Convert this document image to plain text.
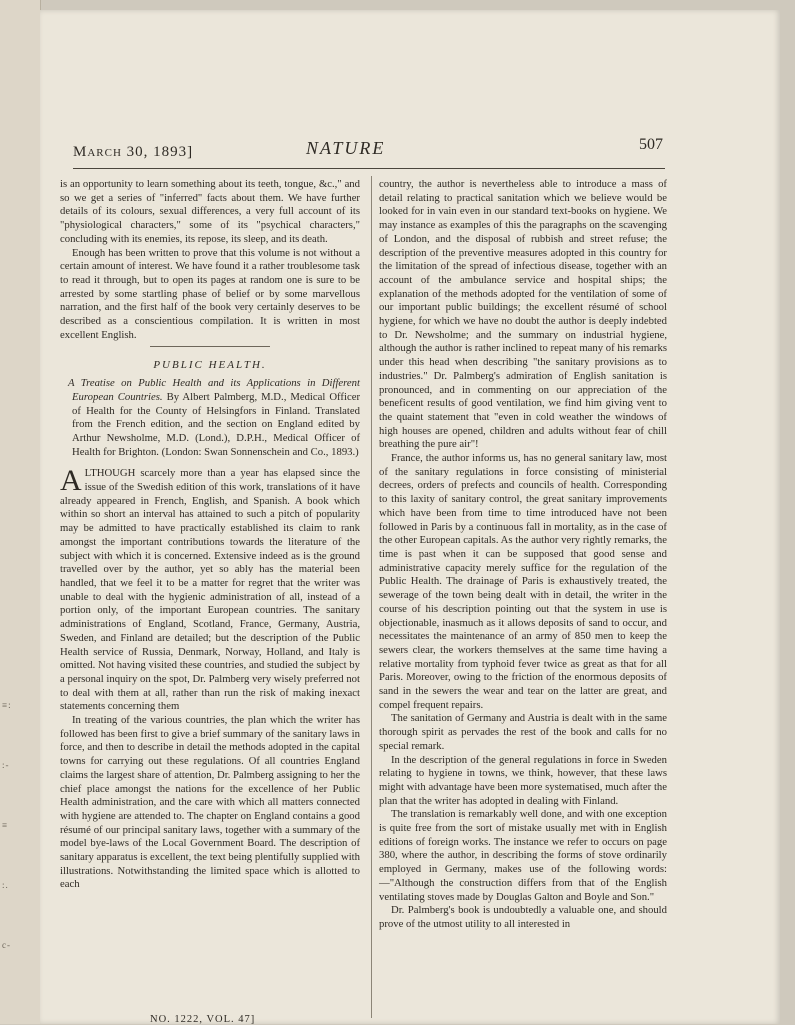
≡:
:-
≡
:.
c-
March 30, 1893]	NATURE	507

is an opportunity to learn something about its teeth, tongue, &c.," and so we get a series of "inferred" facts about them. We have further details of its colours, sexual differences, a very full account of its "physiological characters," some of its "psychical characters," concluding with its enemies, its repose, its sleep, and its death.

Enough has been written to prove that this volume is not without a certain amount of interest. We have found it a rather troublesome task to read it through, but to open its pages at random one is sure to be arrested by some startling phase of belief or by some marvellous narration, and the first half of the book very certainly deserves to be described as a conscientious compilation. It is written in most excellent English.

PUBLIC HEALTH.
A Treatise on Public Health and its Applications in Different European Countries. By Albert Palmberg, M.D., Medical Officer of Health for the County of Helsingfors in Finland. Translated from the French edition, and the section on England edited by Arthur Newsholme, M.D. (Lond.), D.P.H., Medical Officer of Health for Brighton. (London: Swan Sonnenschein and Co., 1893.)

ALTHOUGH scarcely more than a year has elapsed since the issue of the Swedish edition of this work, translations of it have already appeared in French, English, and Spanish. A book which within so short an interval has attained to such a pitch of popularity may be admitted to have practically established its claim to rank amongst the important contributions towards the literature of the subject with which it is concerned. Extensive indeed as is the ground travelled over by the author, yet so ably has the material been handled, that we feel it to be a matter for regret that the writer was unable to deal with the hygienic administration of all, instead of a portion only, of the important European countries. The sanitary administrations of England, Scotland, France, Germany, Austria, Sweden, and Finland are detailed; but the description of the Public Health service of Russia, Denmark, Norway, Holland, and Italy is omitted. Not having visited these countries, and studied the subject by a personal inquiry on the spot, Dr. Palmberg very wisely preferred not to deal with them at all, rather than run the risk of making inexact statements concerning them

In treating of the various countries, the plan which the writer has followed has been first to give a brief summary of the sanitary laws in force, and then to describe in detail the methods adopted in the capital towns for carrying out these regulations. Of all countries England claims the largest share of attention, Dr. Palmberg assigning to her the chief place amongst the nations for the excellence of her Public Health administration, and the care with which all matters connected with hygiene are attended to. The chapter on England contains a good résumé of our principal sanitary laws, together with a summary of the model bye-laws of the Local Government Board. The description of sanitary apparatus is excellent, the text being plentifully supplied with illustrations. Notwithstanding the limited space which is allotted to each

country, the author is nevertheless able to introduce a mass of detail relating to practical sanitation which we believe would be looked for in vain even in our standard text-books on hygiene. We may instance as examples of this the paragraphs on the scavenging of London, and the disposal of rubbish and street refuse; the description of the preventive measures adopted in this country for the limitation of the spread of infectious disease, together with an account of the ambulance service and hospital ships; the explanation of the methods adopted for the ventilation of some of our important public buildings; the excellent résumé of school hygiene, for which we have no doubt the author is deeply indebted to Dr. Newsholme; and the summary on industrial hygiene, although the author is rather inclined to repeat many of his remarks under this head when describing "the sanitary provisions as to industries." Dr. Palmberg's admiration of English sanitation is pronounced, and in commenting on our appreciation of the beneficent results of good ventilation, we find him giving vent to the quaint statement that "even in cold weather the windows of high houses are opened, children and adults without fear of chill breathing the pure air"!

France, the author informs us, has no general sanitary law, most of the sanitary regulations in force consisting of ministerial decrees, orders of prefects and councils of health. Corresponding to this laxity of sanitary control, the great sanitary improvements which have been from time to time introduced have not been followed in Paris by a continuous fall in mortality, as in the case of the other European capitals. As the author very rightly remarks, the time is past when it can be supposed that good sense and administrative capacity merely suffice for the regulation of the Public Health. The drainage of Paris is exhaustively treated, the sewerage of the town being dealt with in detail, the writer in the course of his description pointing out that the system in use is objectionable, inasmuch as it allows deposits of sand to occur, and necessitates the maintenance of an army of 850 men to keep the sewers clear, the workers themselves at the same time having a relative mortality from typhoid fever twice as great as that for all Paris. Moreover, owing to the friction of the enormous deposits of sand in the sewers the wear and tear on the latter are great, and compel frequent repairs.

The sanitation of Germany and Austria is dealt with in the same thorough spirit as pervades the rest of the book and calls for no special remark.

In the description of the general regulations in force in Sweden relating to hygiene in towns, we think, however, that these laws might with advantage have been more systematised, much after the plan that the writer has adopted in dealing with Finland.

The translation is remarkably well done, and with one exception is quite free from the sort of mistake usually met with in English editions of foreign works. The instance we refer to occurs on page 380, where the author, in describing the forms of stove ordinarily employed in Germany, makes use of the following words:—"Although the construction differs from that of the English ventilating stoves made by Douglas Galton and Boyle and Son."

Dr. Palmberg's book is undoubtedly a valuable one, and should prove of the utmost utility to all interested in

NO. 1222, VOL. 47]
